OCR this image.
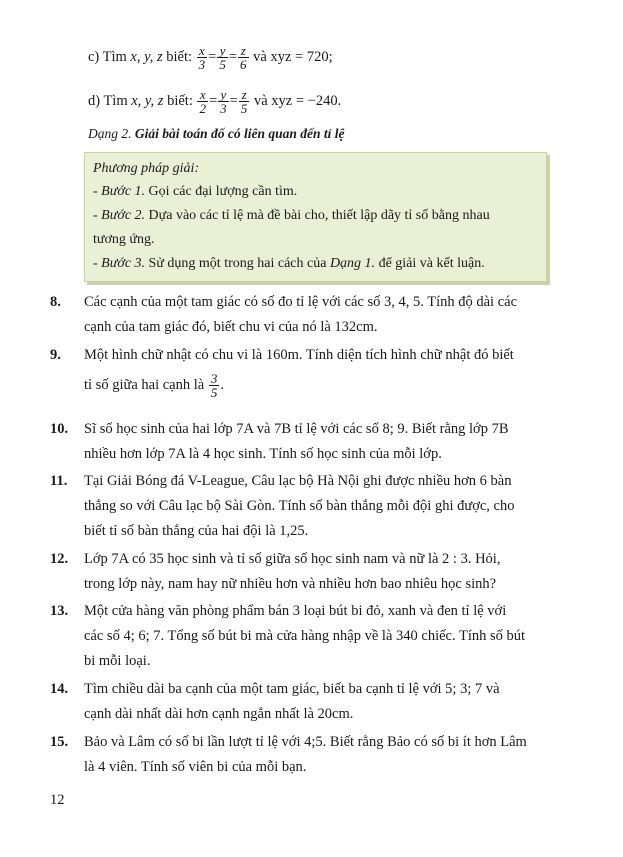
c) Tìm x, y, z biết: $\frac{x}{3} = \frac{y}{5} = \frac{z}{6}$ và xyz = 720;
d) Tìm x, y, z biết: $\frac{x}{2} = \frac{y}{3} = \frac{z}{5}$ và xyz = −240.
Dạng 2. Giải bài toán đố có liên quan đến tỉ lệ
Phương pháp giải:
- Bước 1. Gọi các đại lượng cần tìm.
- Bước 2. Dựa vào các tỉ lệ mà đề bài cho, thiết lập dãy tỉ số bằng nhau
tương ứng.
- Bước 3. Sử dụng một trong hai cách của Dạng 1. để giải và kết luận.
8. Các cạnh của một tam giác có số đo tỉ lệ với các số 3, 4, 5. Tính độ dài các
cạnh của tam giác đó, biết chu vi của nó là 132cm.
9. Một hình chữ nhật có chu vi là 160m. Tính diện tích hình chữ nhật đó biết
tỉ số giữa hai cạnh là $\frac{3}{5}$ .
10. Sĩ số học sinh của hai lớp 7A và 7B tỉ lệ với các số 8; 9. Biết rằng lớp 7B
nhiều hơn lớp 7A là 4 học sinh. Tính số học sinh của mỗi lớp.
11. Tại Giải Bóng đá V-League, Câu lạc bộ Hà Nội ghi được nhiều hơn 6 bàn
thắng so với Câu lạc bộ Sài Gòn. Tính số bàn thắng mỗi đội ghi được, cho
biết tỉ số bàn thắng của hai đội là 1,25.
12. Lớp 7A có 35 học sinh và tỉ số giữa số học sinh nam và nữ là 2 : 3. Hỏi,
trong lớp này, nam hay nữ nhiều hơn và nhiều hơn bao nhiêu học sinh?
13. Một cửa hàng văn phòng phẩm bán 3 loại bút bi đỏ, xanh và đen tỉ lệ với
các số 4; 6; 7. Tổng số bút bi mà cửa hàng nhập về là 340 chiếc. Tính số bút
bi mỗi loại.
14. Tìm chiều dài ba cạnh của một tam giác, biết ba cạnh tỉ lệ với 5; 3; 7 và
cạnh dài nhất dài hơn cạnh ngắn nhất là 20cm.
15. Bảo và Lâm có số bi lần lượt tỉ lệ với 4;5. Biết rằng Bảo có số bi ít hơn Lâm
là 4 viên. Tính số viên bi của mỗi bạn.
12
